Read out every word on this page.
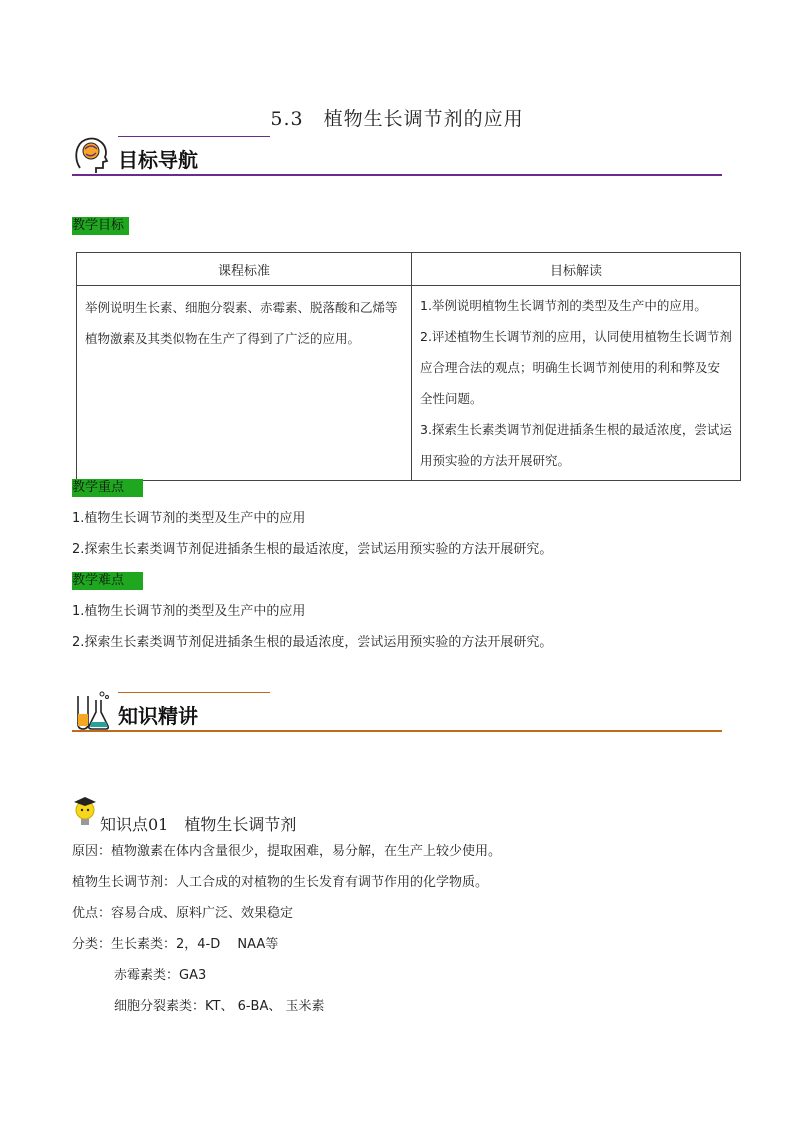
5.3　植物生长调节剂的应用
目标导航
教学目标
课程标准	目标解读
举例说明生长素、细胞分裂素、赤霉素、脱落酸和乙烯等植物激素及其类似物在生产了得到了广泛的应用。	1.举例说明植物生长调节剂的类型及生产中的应用。
2.评述植物生长调节剂的应用，认同使用植物生长调节剂应合理合法的观点；明确生长调节剂使用的利和弊及安全性问题。
3.探索生长素类调节剂促进插条生根的最适浓度，尝试运用预实验的方法开展研究。
教学重点
1.植物生长调节剂的类型及生产中的应用
2.探索生长素类调节剂促进插条生根的最适浓度，尝试运用预实验的方法开展研究。
教学难点
1.植物生长调节剂的类型及生产中的应用
2.探索生长素类调节剂促进插条生根的最适浓度，尝试运用预实验的方法开展研究。
知识精讲
知识点01　植物生长调节剂
原因：植物激素在体内含量很少，提取困难，易分解，在生产上较少使用。
植物生长调节剂：人工合成的对植物的生长发育有调节作用的化学物质。
优点：容易合成、原料广泛、效果稳定
分类：生长素类：2，4-D　 NAA等
赤霉素类：GA3
细胞分裂素类：KT、 6-BA、 玉米素
